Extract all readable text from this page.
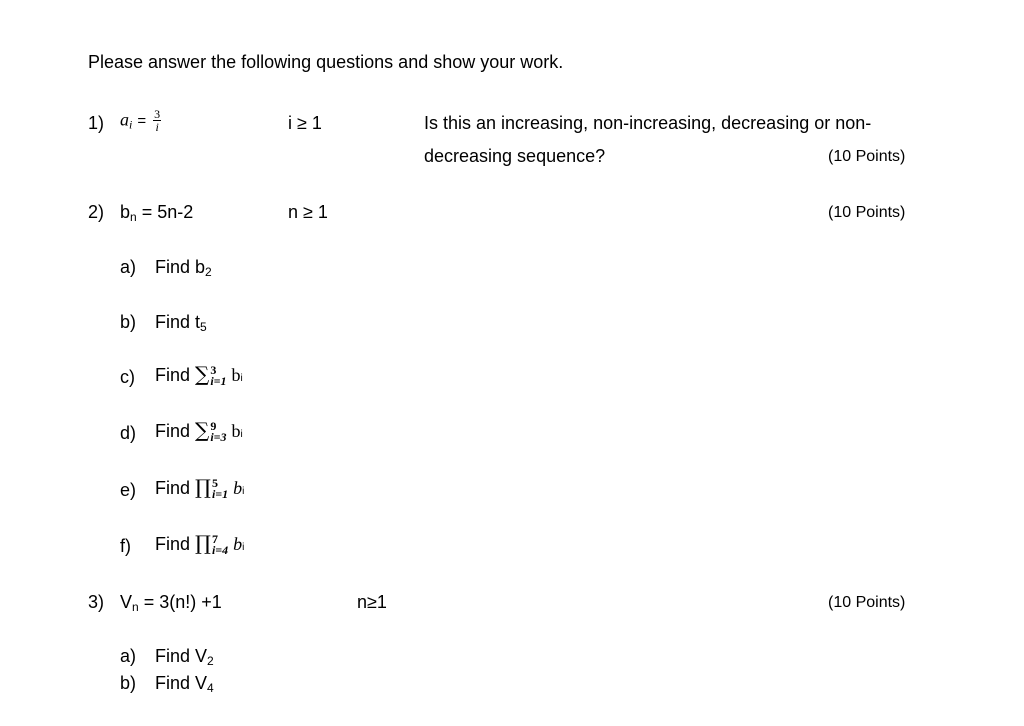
Please answer the following questions and show your work.
1) $a_i = \frac{3}{i}$	i ≥ 1	Is this an increasing, non-increasing, decreasing or non-
decreasing sequence?	(10 Points)
2) $b_n = 5n-2$	n ≥ 1	(10 Points)
a) Find $b_2$
b) Find $t_5$
c) Find ∑ 3
i=1 bi
d) Find ∑ 9
i=3 bi
e) Find ∏ 5
i=1 bi
f) Find ∏ 7
i=4 bi
3) $V_n = 3(n!) +1$	n≥1	(10 Points)
a) Find $V_2$
b) Find $V_4$
